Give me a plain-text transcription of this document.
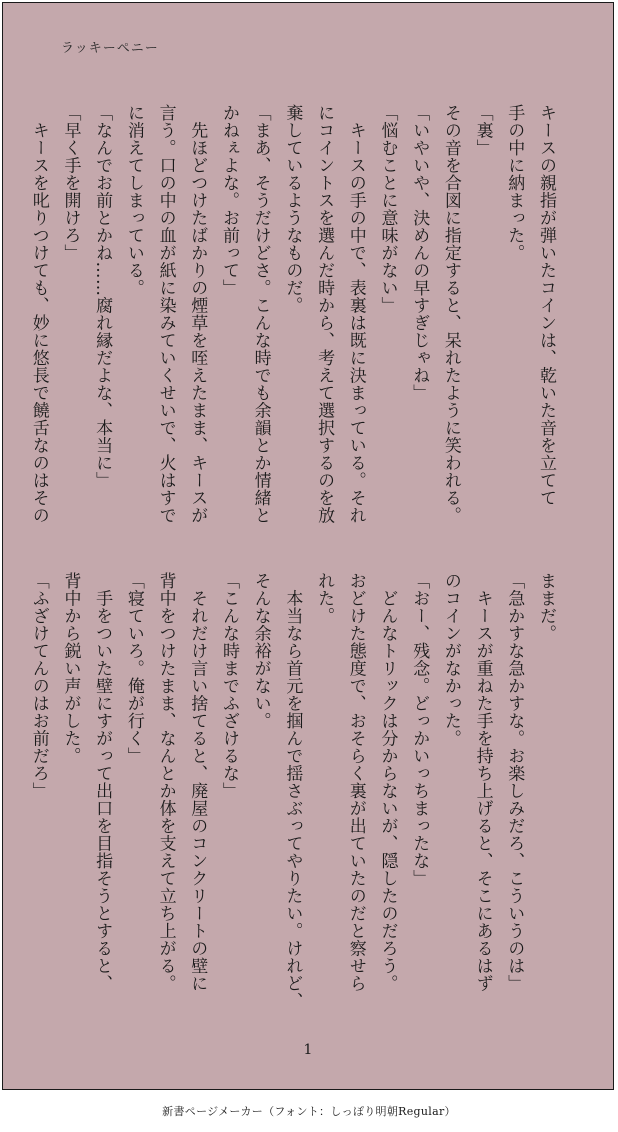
ラッキーペニー
キースの親指が弾いたコインは、乾いた音を立てて
手の中に納まった。
「裏」
その音を合図に指定すると、呆れたように笑われる。
「いやいや、決めんの早すぎじゃね」
「悩むことに意味がない」
　キースの手の中で、表裏は既に決まっている。それ
にコイントスを選んだ時から、考えて選択するのを放
棄しているようなものだ。
「まあ、そうだけどさ。こんな時でも余韻とか情緒と
かねぇよな。お前って」
　先ほどつけたばかりの煙草を咥えたまま、キースが
言う。口の中の血が紙に染みていくせいで、火はすで
に消えてしまっている。
「なんでお前とかね……腐れ縁だよな、本当に」
「早く手を開けろ」
　キースを叱りつけても、妙に悠長で饒舌なのはその
ままだ。
「急かすな急かすな。お楽しみだろ、こういうのは」
　キースが重ねた手を持ち上げると、そこにあるはず
のコインがなかった。
「おー、残念。どっかいっちまったな」
　どんなトリックは分からないが、隠したのだろう。
おどけた態度で、おそらく裏が出ていたのだと察せら
れた。
　本当なら首元を掴んで揺さぶってやりたい。けれど、
そんな余裕がない。
「こんな時までふざけるな」
　それだけ言い捨てると、廃屋のコンクリートの壁に
背中をつけたまま、なんとか体を支えて立ち上がる。
「寝ていろ。俺が行く」
　手をついた壁にすがって出口を目指そうとすると、
背中から鋭い声がした。
「ふざけてんのはお前だろ」
1
新書ページメーカー（フォント：しっぽり明朝Regular）
